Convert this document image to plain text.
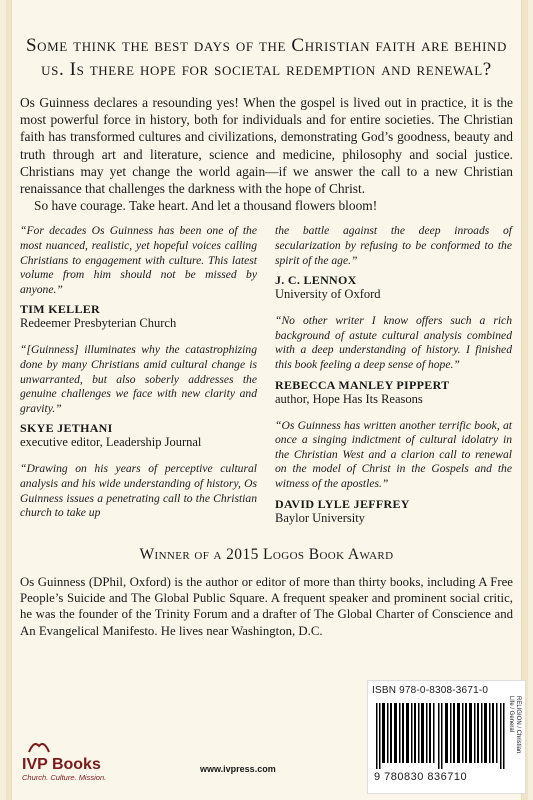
Some think the best days of the Christian faith are behind us. Is there hope for societal redemption and renewal?

Os Guinness declares a resounding yes! When the gospel is lived out in practice, it is the most powerful force in history, both for individuals and for entire societies. The Christian faith has transformed cultures and civilizations, demonstrating God’s goodness, beauty and truth through art and literature, science and medicine, philosophy and social justice. Christians may yet change the world again—if we answer the call to a new Christian renaissance that challenges the darkness with the hope of Christ.

So have courage. Take heart. And let a thousand flowers bloom!

“For decades Os Guinness has been one of the most nuanced, realistic, yet hopeful voices calling Christians to engagement with culture. This latest volume from him should not be missed by anyone.”

TIM KELLER

Redeemer Presbyterian Church

“[Guinness] illuminates why the catastrophizing done by many Christians amid cultural change is unwarranted, but also soberly addresses the genuine challenges we face with new clarity and gravity.”

SKYE JETHANI

executive editor, Leadership Journal

“Drawing on his years of perceptive cultural analysis and his wide understanding of history, Os Guinness issues a penetrating call to the Christian church to take up

the battle against the deep inroads of secularization by refusing to be conformed to the spirit of the age.”

J. C. LENNOX

University of Oxford

“No other writer I know offers such a rich background of astute cultural analysis combined with a deep understanding of history. I finished this book feeling a deep sense of hope.”

REBECCA MANLEY PIPPERT

author, Hope Has Its Reasons

“Os Guinness has written another terrific book, at once a singing indictment of cultural idolatry in the Christian West and a clarion call to renewal on the model of Christ in the Gospels and the witness of the apostles.”

DAVID LYLE JEFFREY

Baylor University

Winner of a 2015 Logos Book Award

Os Guinness (DPhil, Oxford) is the author or editor of more than thirty books, including A Free People’s Suicide and The Global Public Square. A frequent speaker and prominent social critic, he was the founder of the Trinity Forum and a drafter of The Global Charter of Conscience and An Evangelical Manifesto. He lives near Washington, D.C.

ISBN 978-0-8308-3671-0
9 780830 836710
RELIGION / Christian Life / General
IVP Books
Church. Culture. Mission.
www.ivpress.com
